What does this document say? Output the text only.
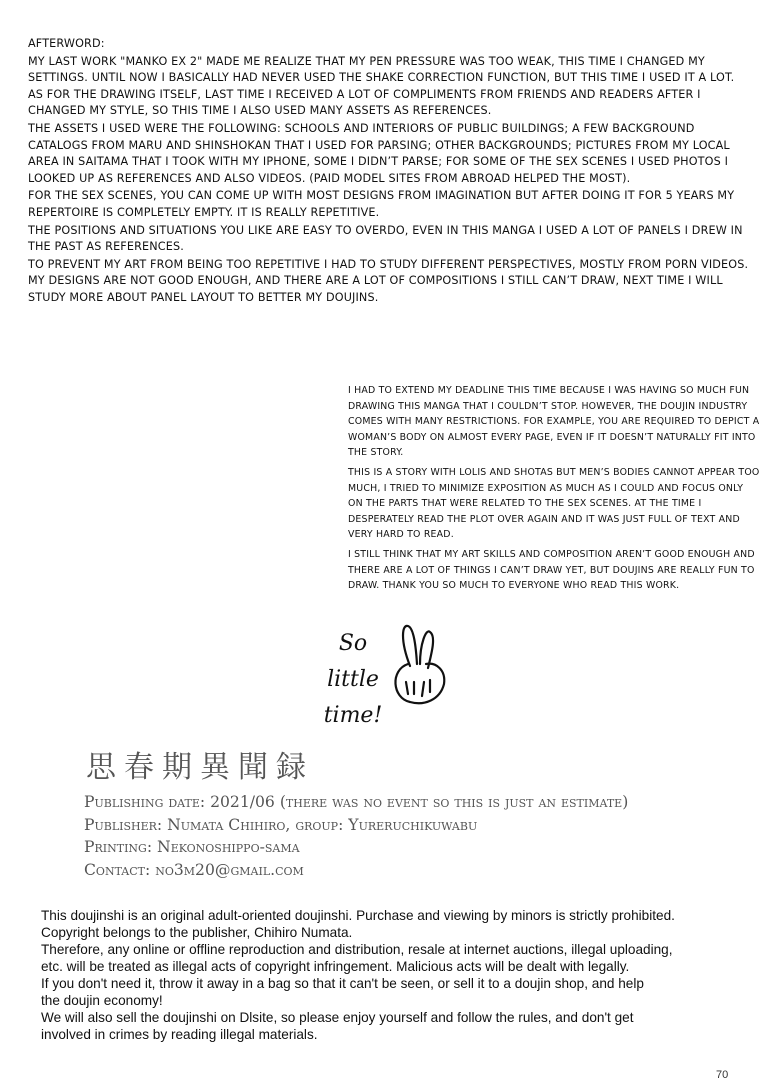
AFTERWORD:

MY LAST WORK "MANKO EX 2" MADE ME REALIZE THAT MY PEN PRESSURE WAS TOO WEAK, THIS TIME I CHANGED MY SETTINGS. UNTIL NOW I BASICALLY HAD NEVER USED THE SHAKE CORRECTION FUNCTION, BUT THIS TIME I USED IT A LOT. AS FOR THE DRAWING ITSELF, LAST TIME I RECEIVED A LOT OF COMPLIMENTS FROM FRIENDS AND READERS AFTER I CHANGED MY STYLE, SO THIS TIME I ALSO USED MANY ASSETS AS REFERENCES.

THE ASSETS I USED WERE THE FOLLOWING: SCHOOLS AND INTERIORS OF PUBLIC BUILDINGS; A FEW BACKGROUND CATALOGS FROM MARU AND SHINSHOKAN THAT I USED FOR PARSING; OTHER BACKGROUNDS; PICTURES FROM MY LOCAL AREA IN SAITAMA THAT I TOOK WITH MY IPHONE, SOME I DIDN’T PARSE; FOR SOME OF THE SEX SCENES I USED PHOTOS I LOOKED UP AS REFERENCES AND ALSO VIDEOS. (PAID MODEL SITES FROM ABROAD HELPED THE MOST).

FOR THE SEX SCENES, YOU CAN COME UP WITH MOST DESIGNS FROM IMAGINATION BUT AFTER DOING IT FOR 5 YEARS MY REPERTOIRE IS COMPLETELY EMPTY. IT IS REALLY REPETITIVE.

THE POSITIONS AND SITUATIONS YOU LIKE ARE EASY TO OVERDO, EVEN IN THIS MANGA I USED A LOT OF PANELS I DREW IN THE PAST AS REFERENCES.

TO PREVENT MY ART FROM BEING TOO REPETITIVE I HAD TO STUDY DIFFERENT PERSPECTIVES, MOSTLY FROM PORN VIDEOS. MY DESIGNS ARE NOT GOOD ENOUGH, AND THERE ARE A LOT OF COMPOSITIONS I STILL CAN’T DRAW, NEXT TIME I WILL STUDY MORE ABOUT PANEL LAYOUT TO BETTER MY DOUJINS.

I HAD TO EXTEND MY DEADLINE THIS TIME BECAUSE I WAS HAVING SO MUCH FUN DRAWING THIS MANGA THAT I COULDN’T STOP. HOWEVER, THE DOUJIN INDUSTRY COMES WITH MANY RESTRICTIONS. FOR EXAMPLE, YOU ARE REQUIRED TO DEPICT A WOMAN’S BODY ON ALMOST EVERY PAGE, EVEN IF IT DOESN’T NATURALLY FIT INTO THE STORY.

THIS IS A STORY WITH LOLIS AND SHOTAS BUT MEN’S BODIES CANNOT APPEAR TOO MUCH, I TRIED TO MINIMIZE EXPOSITION AS MUCH AS I COULD AND FOCUS ONLY ON THE PARTS THAT WERE RELATED TO THE SEX SCENES. AT THE TIME I DESPERATELY READ THE PLOT OVER AGAIN AND IT WAS JUST FULL OF TEXT AND VERY HARD TO READ.

I STILL THINK THAT MY ART SKILLS AND COMPOSITION AREN’T GOOD ENOUGH AND THERE ARE A LOT OF THINGS I CAN’T DRAW YET, BUT DOUJINS ARE REALLY FUN TO DRAW. THANK YOU SO MUCH TO EVERYONE WHO READ THIS WORK.

So
little
time!
思春期異聞録
Publishing date: 2021/06 (there was no event so this is just an estimate)
Publisher: Numata Chihiro, group: Yureruchikuwabu
Printing: Nekonoshippo-sama
Contact: no3m20@gmail.com
This doujinshi is an original adult-oriented doujinshi. Purchase and viewing by minors is strictly prohibited.
Copyright belongs to the publisher, Chihiro Numata.
Therefore, any online or offline reproduction and distribution, resale at internet auctions, illegal uploading,
etc. will be treated as illegal acts of copyright infringement. Malicious acts will be dealt with legally.
If you don't need it, throw it away in a bag so that it can't be seen, or sell it to a doujin shop, and help
the doujin economy!
We will also sell the doujinshi on Dlsite, so please enjoy yourself and follow the rules, and don't get
involved in crimes by reading illegal materials.
70
